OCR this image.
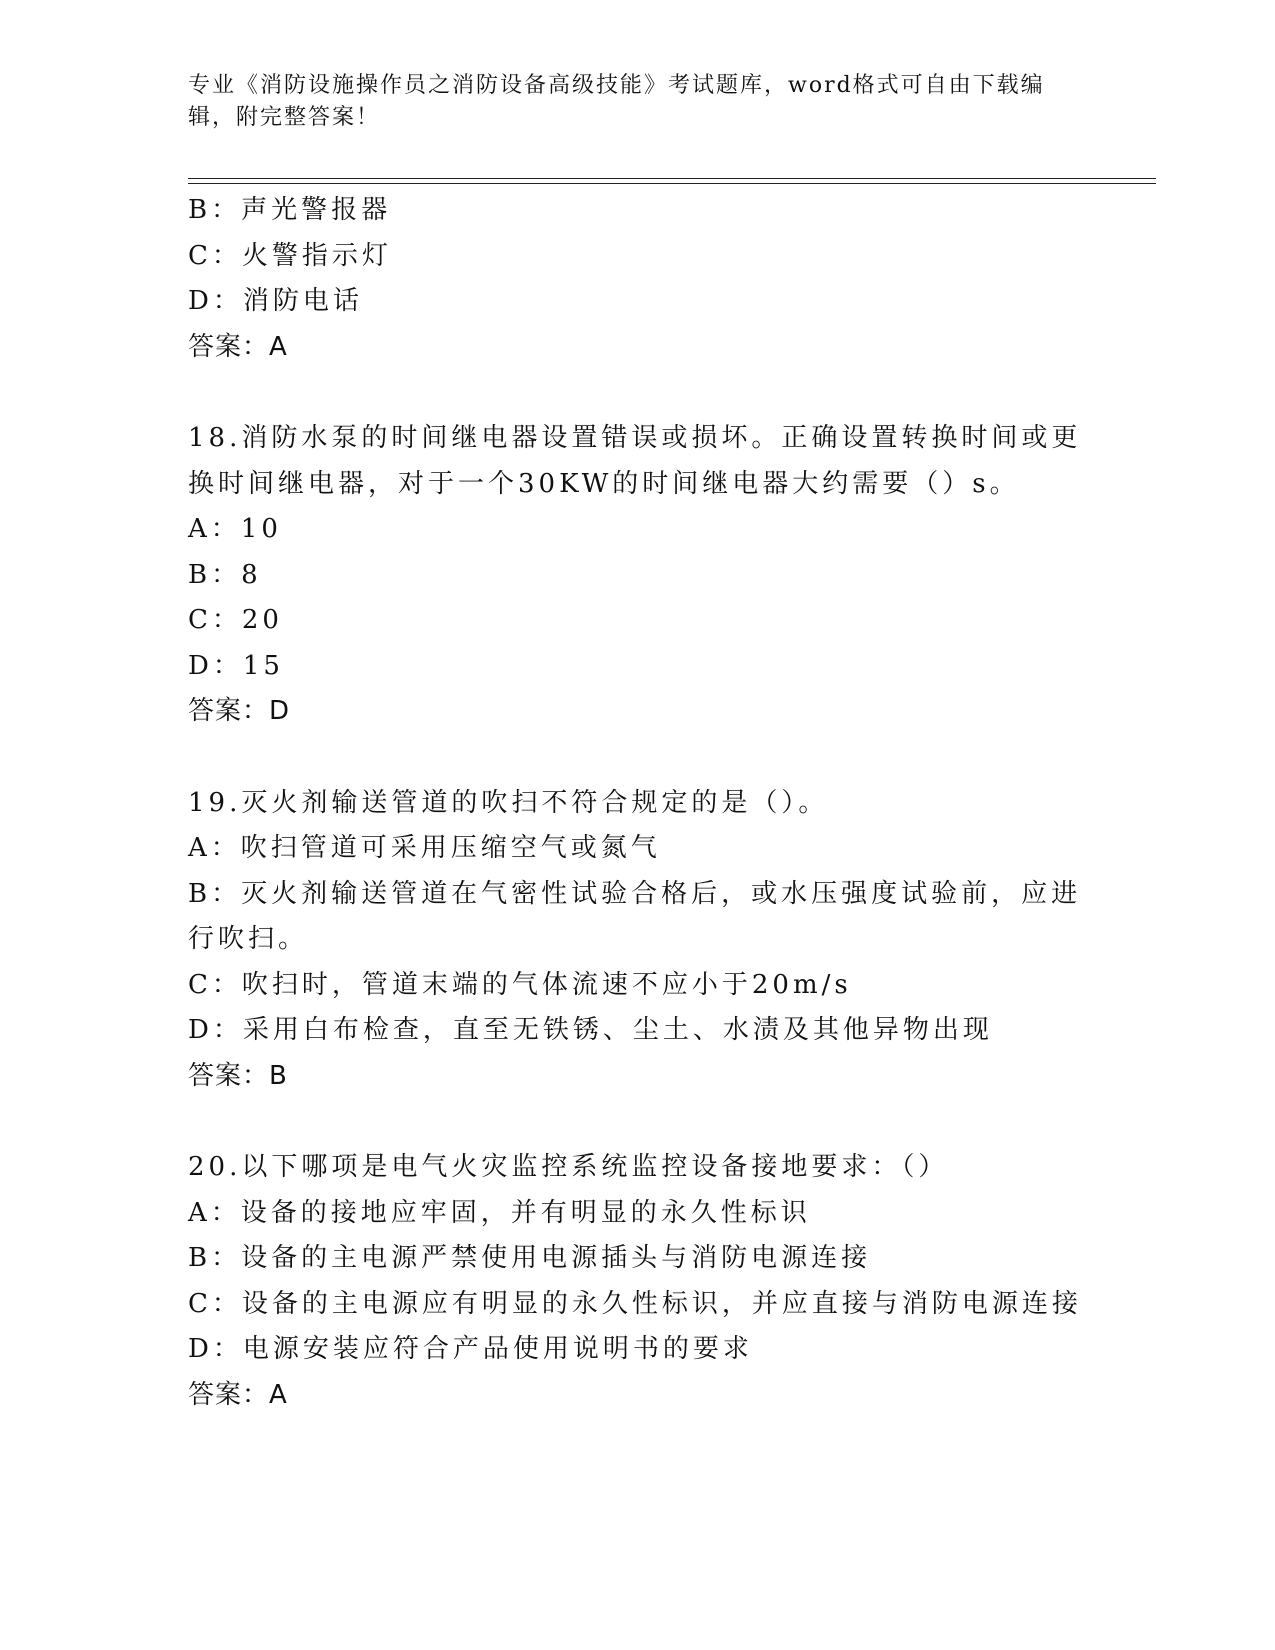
专业《消防设施操作员之消防设备高级技能》考试题库，word格式可自由下载编辑，附完整答案！
B：声光警报器
C：火警指示灯
D：消防电话
答案：A
18.消防水泵的时间继电器设置错误或损坏。正确设置转换时间或更换时间继电器，对于一个30KW的时间继电器大约需要（）s。
A：10
B：8
C：20
D：15
答案：D
19.灭火剂输送管道的吹扫不符合规定的是（）。
A：吹扫管道可采用压缩空气或氮气
B：灭火剂输送管道在气密性试验合格后，或水压强度试验前，应进行吹扫。
C：吹扫时，管道末端的气体流速不应小于20m/s
D：采用白布检查，直至无铁锈、尘土、水渍及其他异物出现
答案：B
20.以下哪项是电气火灾监控系统监控设备接地要求：（）
A：设备的接地应牢固，并有明显的永久性标识
B：设备的主电源严禁使用电源插头与消防电源连接
C：设备的主电源应有明显的永久性标识，并应直接与消防电源连接
D：电源安装应符合产品使用说明书的要求
答案：A
